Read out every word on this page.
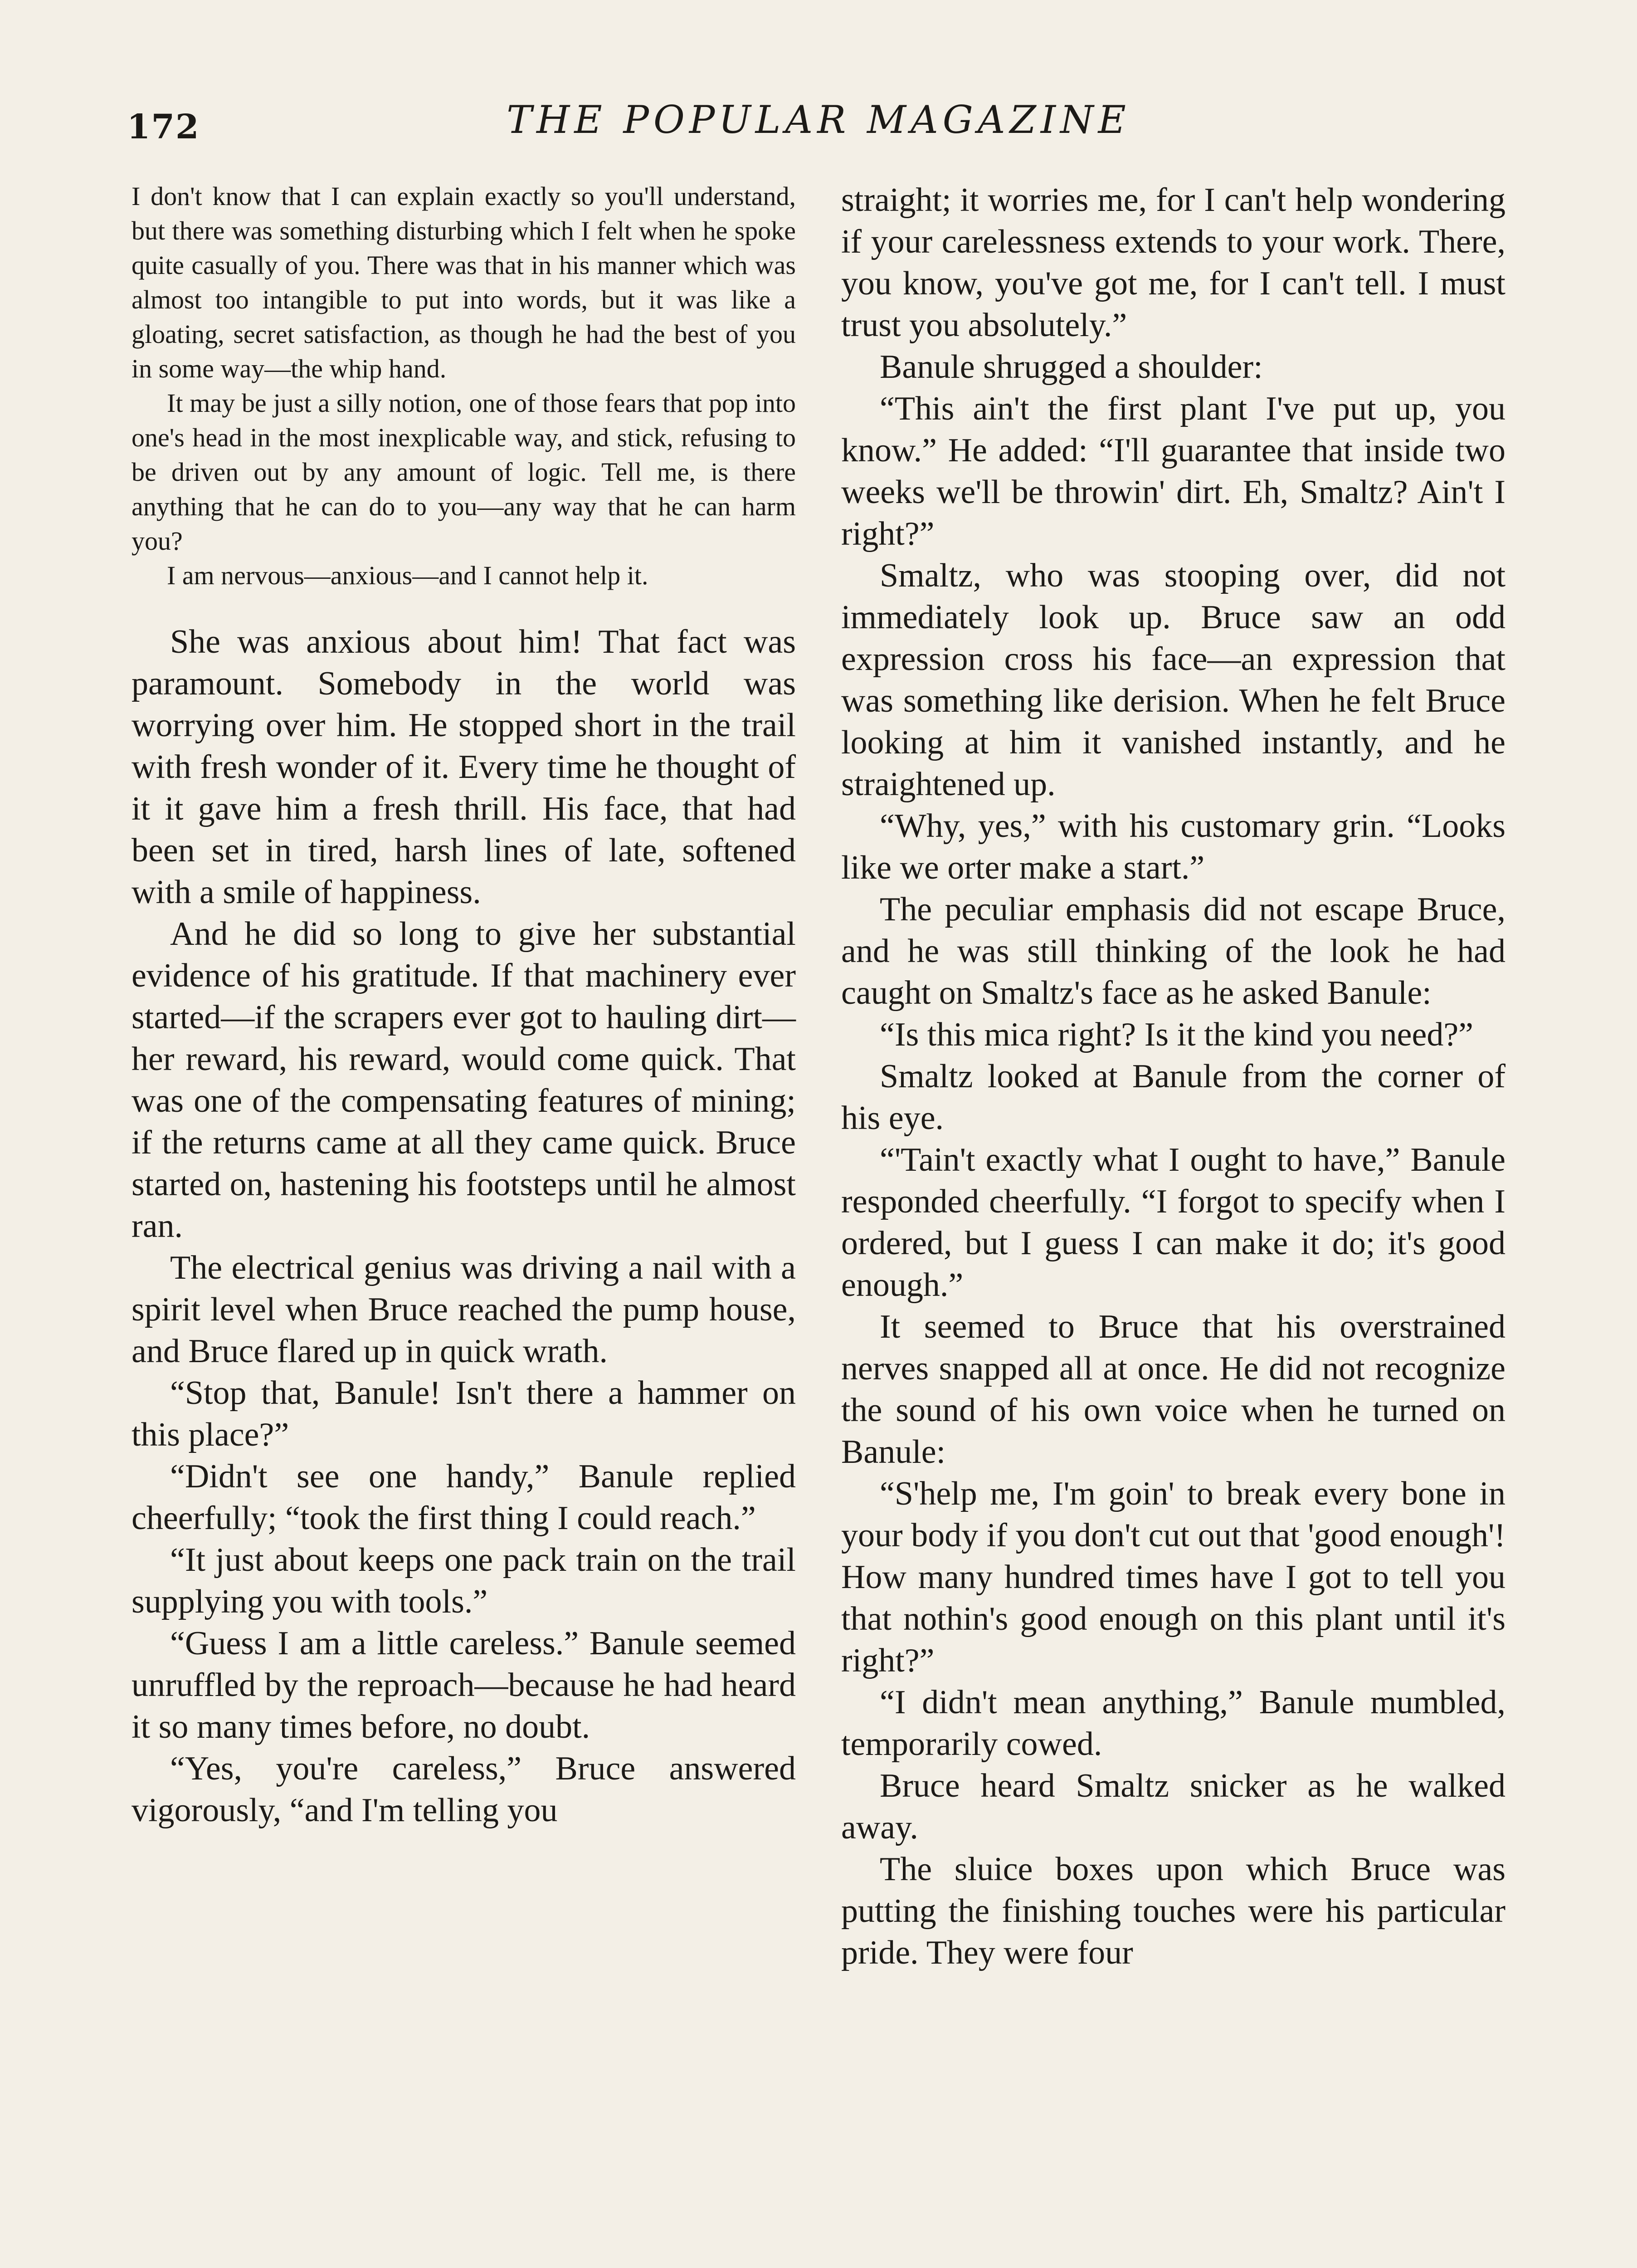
172	THE POPULAR MAGAZINE

I don't know that I can explain exactly so you'll understand, but there was something disturbing which I felt when he spoke quite casually of you. There was that in his manner which was almost too intangible to put into words, but it was like a gloating, secret satisfaction, as though he had the best of you in some way—the whip hand.

It may be just a silly notion, one of those fears that pop into one's head in the most inexplicable way, and stick, refusing to be driven out by any amount of logic. Tell me, is there anything that he can do to you—any way that he can harm you?

I am nervous—anxious—and I cannot help it.

She was anxious about him! That fact was paramount. Somebody in the world was worrying over him. He stopped short in the trail with fresh wonder of it. Every time he thought of it it gave him a fresh thrill. His face, that had been set in tired, harsh lines of late, softened with a smile of happiness.

And he did so long to give her substantial evidence of his gratitude. If that machinery ever started—if the scrapers ever got to hauling dirt—her reward, his reward, would come quick. That was one of the compensating features of mining; if the returns came at all they came quick. Bruce started on, hastening his footsteps until he almost ran.

The electrical genius was driving a nail with a spirit level when Bruce reached the pump house, and Bruce flared up in quick wrath.

“Stop that, Banule! Isn't there a hammer on this place?”

“Didn't see one handy,” Banule replied cheerfully; “took the first thing I could reach.”

“It just about keeps one pack train on the trail supplying you with tools.”

“Guess I am a little careless.” Banule seemed unruffled by the reproach—because he had heard it so many times before, no doubt.

“Yes, you're careless,” Bruce answered vigorously, “and I'm telling you

straight; it worries me, for I can't help wondering if your carelessness extends to your work. There, you know, you've got me, for I can't tell. I must trust you absolutely.”

Banule shrugged a shoulder:

“This ain't the first plant I've put up, you know.” He added: “I'll guarantee that inside two weeks we'll be throwin' dirt. Eh, Smaltz? Ain't I right?”

Smaltz, who was stooping over, did not immediately look up. Bruce saw an odd expression cross his face—an expression that was something like derision. When he felt Bruce looking at him it vanished instantly, and he straightened up.

“Why, yes,” with his customary grin. “Looks like we orter make a start.”

The peculiar emphasis did not escape Bruce, and he was still thinking of the look he had caught on Smaltz's face as he asked Banule:

“Is this mica right? Is it the kind you need?”

Smaltz looked at Banule from the corner of his eye.

“'Tain't exactly what I ought to have,” Banule responded cheerfully. “I forgot to specify when I ordered, but I guess I can make it do; it's good enough.”

It seemed to Bruce that his overstrained nerves snapped all at once. He did not recognize the sound of his own voice when he turned on Banule:

“S'help me, I'm goin' to break every bone in your body if you don't cut out that 'good enough'! How many hundred times have I got to tell you that nothin's good enough on this plant until it's right?”

“I didn't mean anything,” Banule mumbled, temporarily cowed.

Bruce heard Smaltz snicker as he walked away.

The sluice boxes upon which Bruce was putting the finishing touches were his particular pride. They were four
